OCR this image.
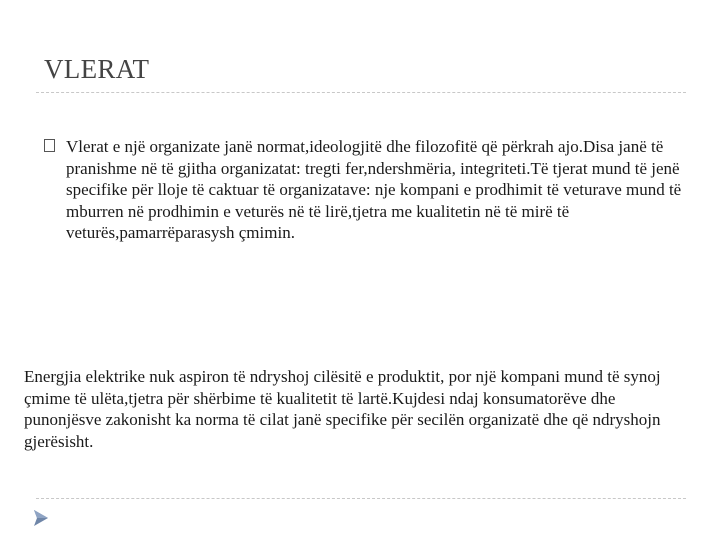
VLERAT

Vlerat e një organizate janë normat,ideologjitë dhe filozofitë që përkrah ajo.Disa janë të pranishme në të gjitha organizatat: tregti fer,ndershmëria, integriteti.Të tjerat mund të jenë specifike për lloje të caktuar të organizatave: nje kompani e prodhimit të veturave mund të mburren në prodhimin e veturës në të lirë,tjetra me kualitetin në të mirë të veturës,pamarrëparasysh çmimin.

Energjia elektrike nuk aspiron të ndryshoj cilësitë e produktit, por një kompani mund të synoj çmime të ulëta,tjetra për shërbime të kualitetit të lartë.Kujdesi ndaj konsumatorëve dhe punonjësve zakonisht ka norma të cilat janë specifike për secilën organizatë dhe që ndryshojn gjerësisht.
